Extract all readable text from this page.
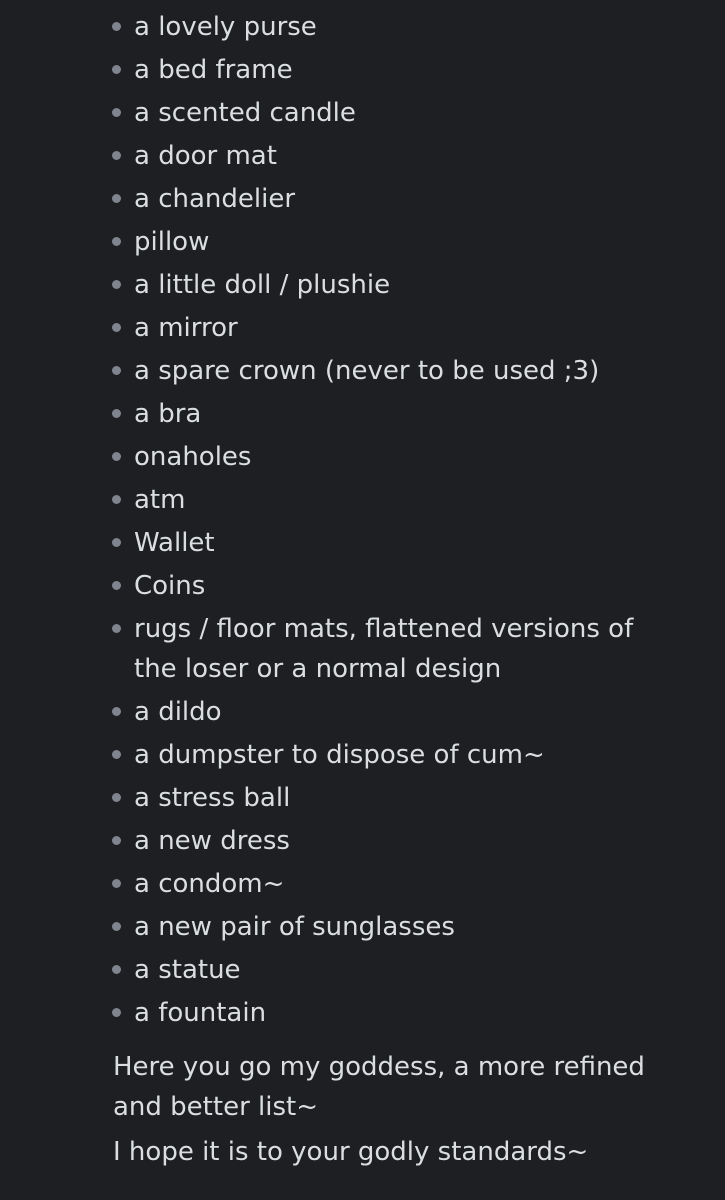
a lovely purse
a bed frame
a scented candle
a door mat
a chandelier
pillow
a little doll / plushie
a mirror
a spare crown (never to be used ;3)
a bra
onaholes
atm
Wallet
Coins
rugs / floor mats, flattened versions of the loser or a normal design
a dildo
a dumpster to dispose of cum~
a stress ball
a new dress
a condom~
a new pair of sunglasses
a statue
a fountain

Here you go my goddess, a more refined and better list~

I hope it is to your godly standards~
